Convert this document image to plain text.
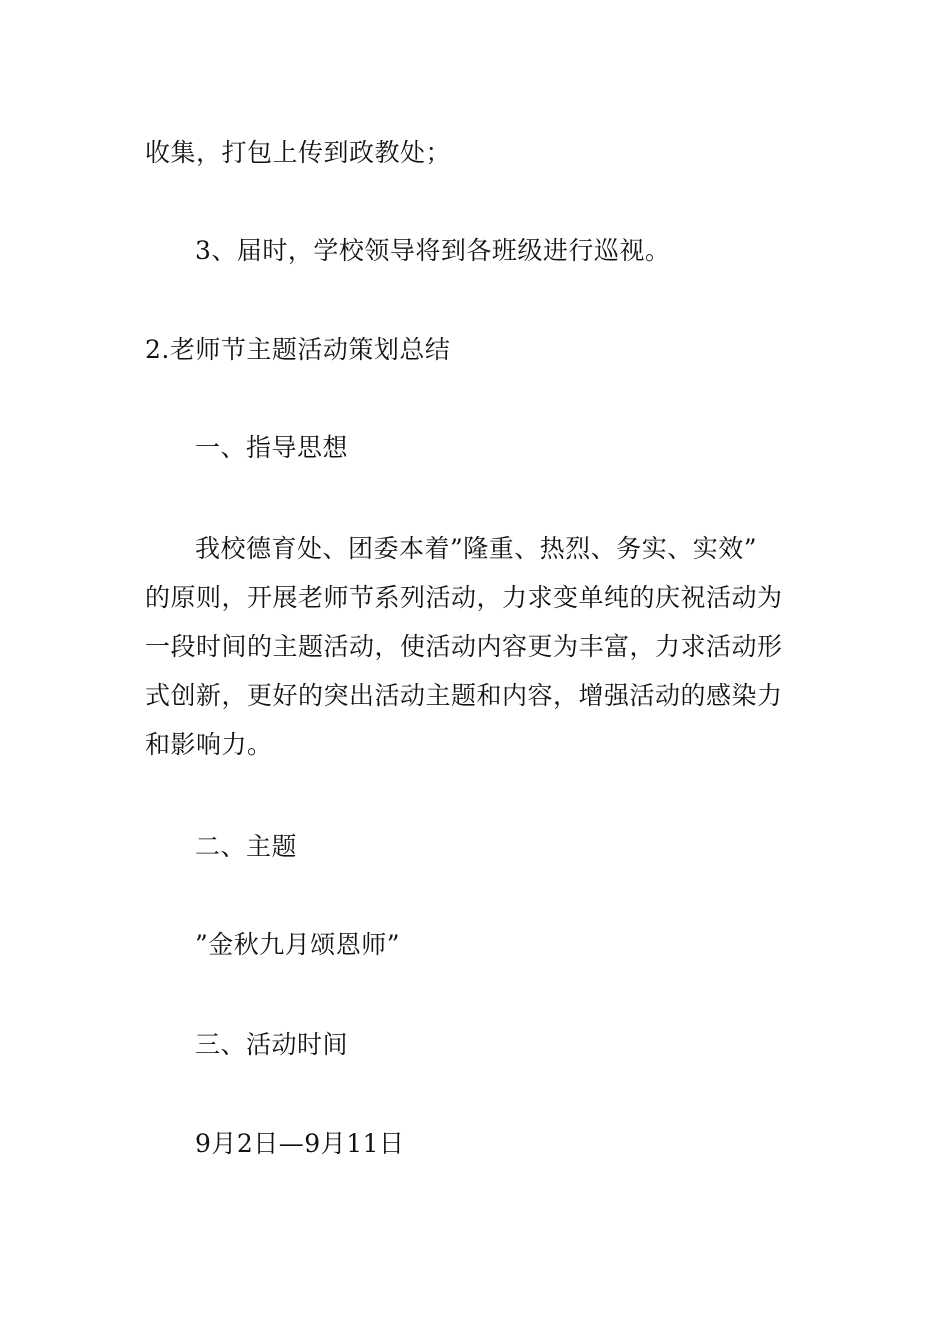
收集，打包上传到政教处；
3、届时，学校领导将到各班级进行巡视。
2.老师节主题活动策划总结
一、指导思想
我校德育处、团委本着”隆重、热烈、务实、实效”
的原则，开展老师节系列活动，力求变单纯的庆祝活动为
一段时间的主题活动，使活动内容更为丰富，力求活动形
式创新，更好的突出活动主题和内容，增强活动的感染力
和影响力。
二、主题
”金秋九月颂恩师”
三、活动时间
9月2日—9月11日
